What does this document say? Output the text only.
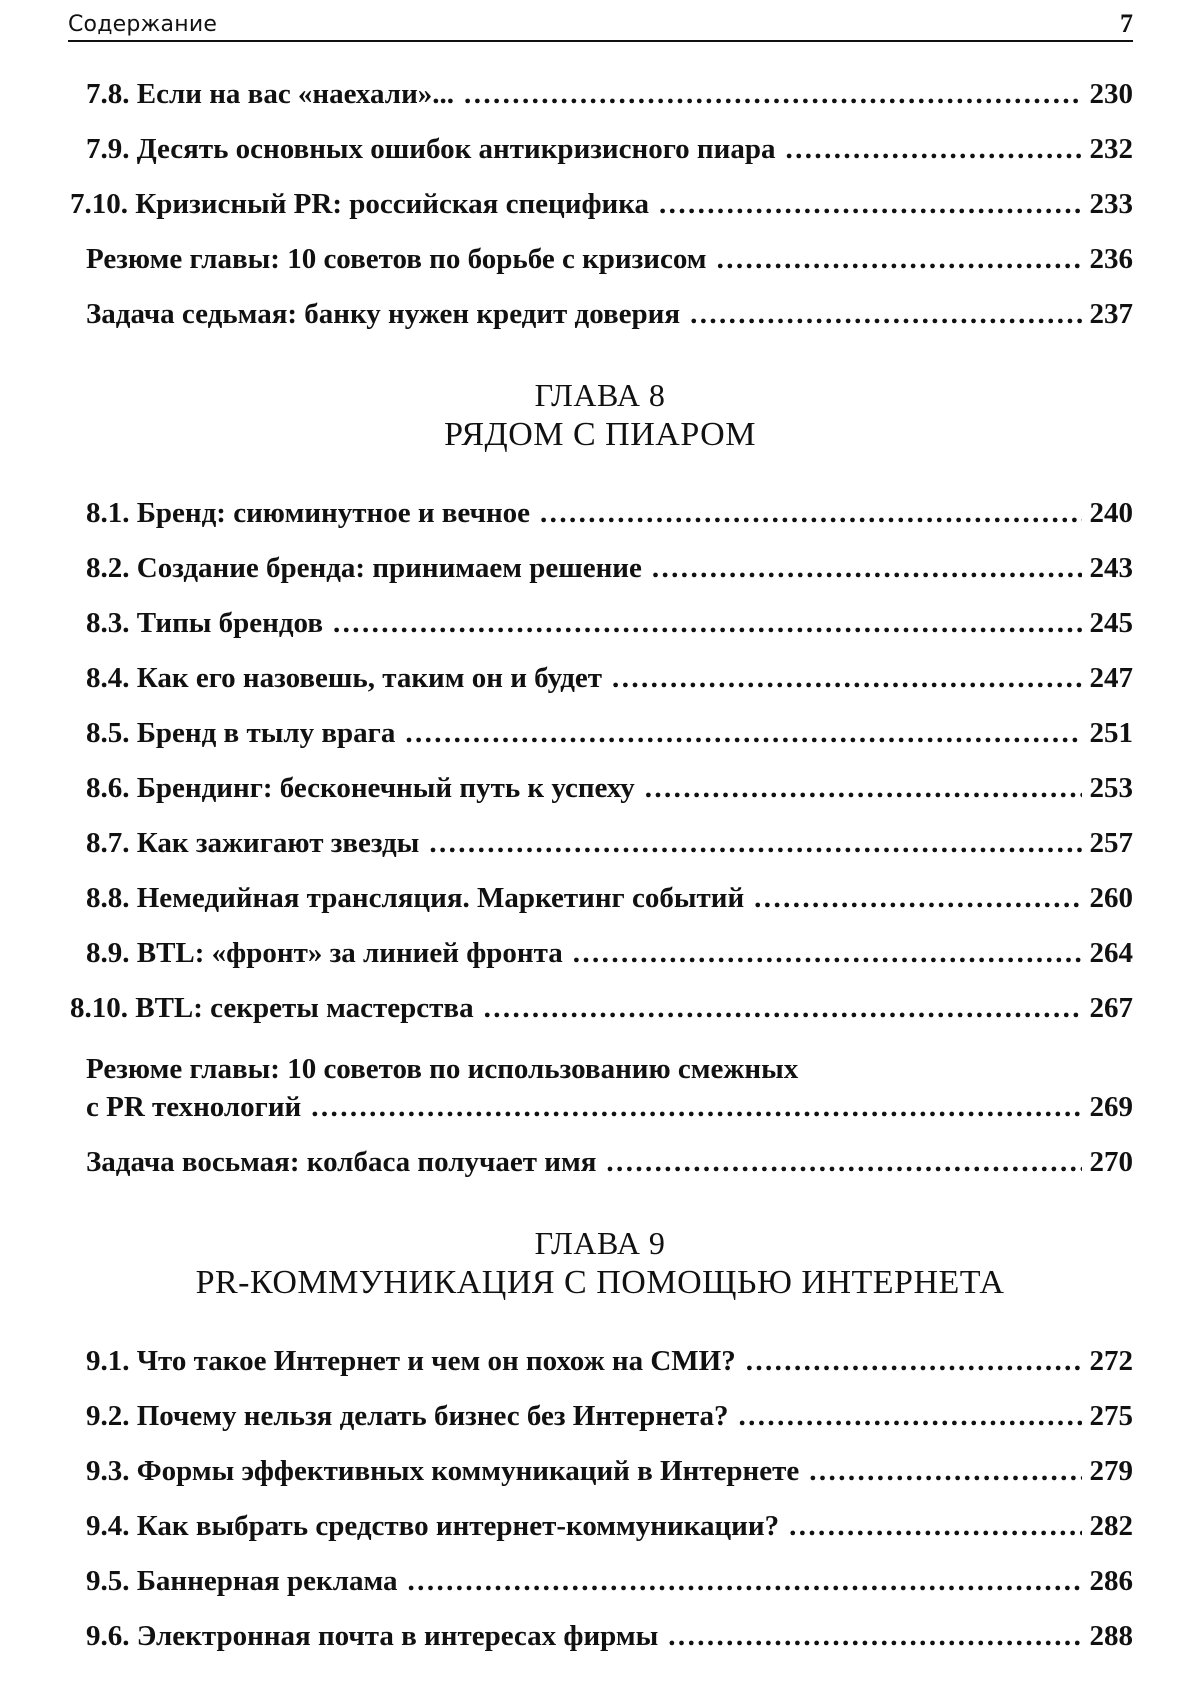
Содержание	7
7.8. Если на вас «наехали»... .....	230
7.9. Десять основных ошибок антикризисного пиара .....	232
7.10. Кризисный PR: российская специфика .....	233
Резюме главы: 10 советов по борьбе с кризисом .....	236
Задача седьмая: банку нужен кредит доверия .....	237
ГЛАВА 8
РЯДОМ С ПИАРОМ
8.1. Бренд: сиюминутное и вечное .....	240
8.2. Создание бренда: принимаем решение .....	243
8.3. Типы брендов .....	245
8.4. Как его назовешь, таким он и будет .....	247
8.5. Бренд в тылу врага .....	251
8.6. Брендинг: бесконечный путь к успеху .....	253
8.7. Как зажигают звезды .....	257
8.8. Немедийная трансляция. Маркетинг событий .....	260
8.9. BTL: «фронт» за линией фронта .....	264
8.10. BTL: секреты мастерства .....	267
Резюме главы: 10 советов по использованию смежных
с PR технологий .....	269
Задача восьмая: колбаса получает имя .....	270
ГЛАВА 9
PR-КОММУНИКАЦИЯ С ПОМОЩЬЮ ИНТЕРНЕТА
9.1. Что такое Интернет и чем он похож на СМИ? .....	272
9.2. Почему нельзя делать бизнес без Интернета? .....	275
9.3. Формы эффективных коммуникаций в Интернете .....	279
9.4. Как выбрать средство интернет-коммуникации? .....	282
9.5. Баннерная реклама .....	286
9.6. Электронная почта в интересах фирмы .....	288
